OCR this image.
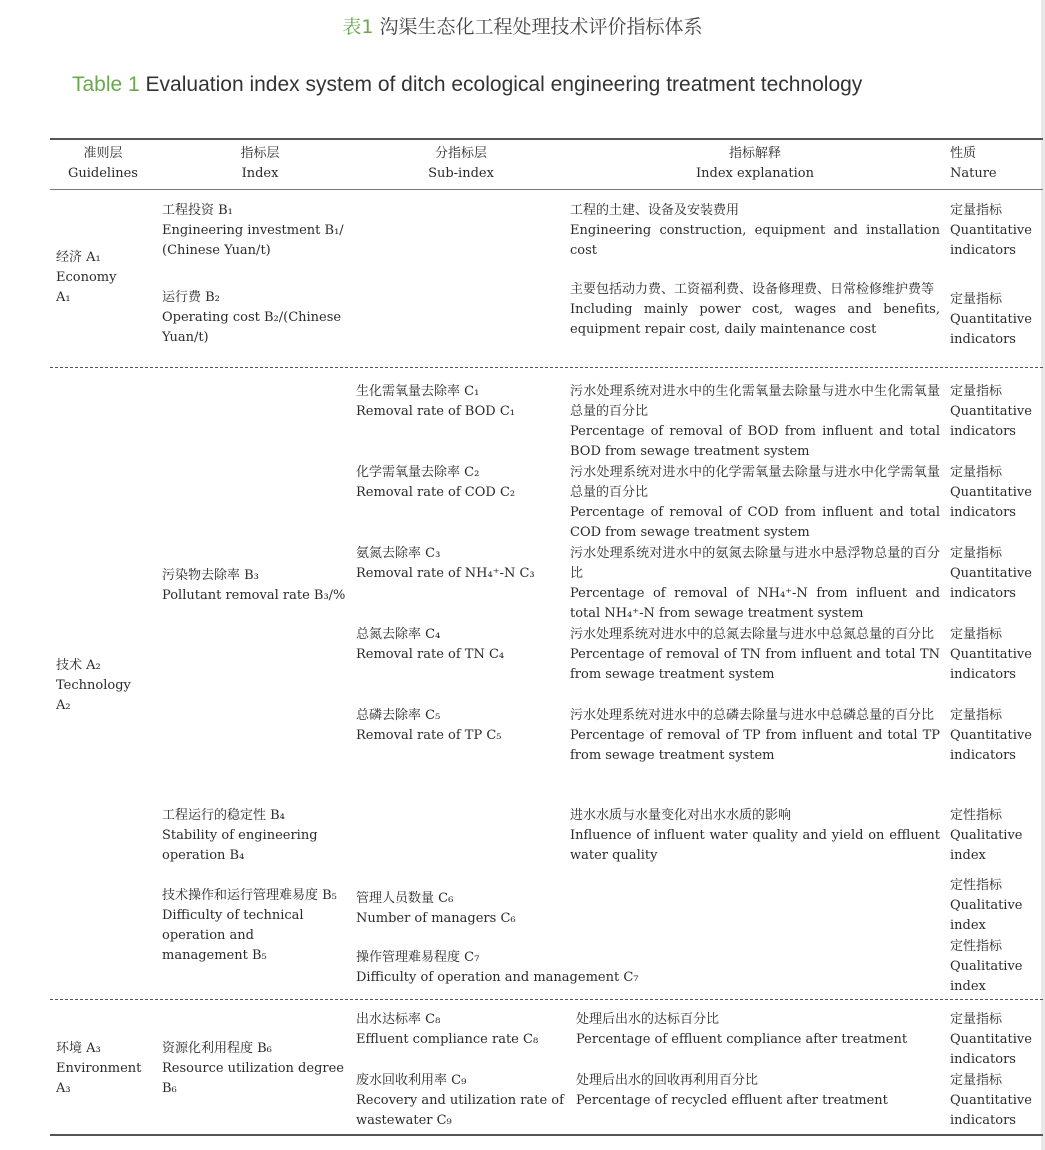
表1 沟渠生态化工程处理技术评价指标体系
Table 1 Evaluation index system of ditch ecological engineering treatment technology
准则层
Guidelines
指标层
Index
分指标层
Sub-index
指标解释
Index explanation
性质
Nature
经济 A₁
Economy
A₁
工程投资 B₁
Engineering investment B₁/
(Chinese Yuan/t)
工程的土建、设备及安装费用
Engineering construction, equipment and installation cost
定量指标
Quantitative
indicators
运行费 B₂
Operating cost B₂/(Chinese
Yuan/t)
主要包括动力费、工资福利费、设备修理费、日常检修维护费等
Including mainly power cost, wages and benefits, equipment repair cost, daily maintenance cost
定量指标
Quantitative
indicators
技术 A₂
Technology
A₂
污染物去除率 B₃
Pollutant removal rate B₃/%
生化需氧量去除率 C₁
Removal rate of BOD C₁
污水处理系统对进水中的生化需氧量去除量与进水中生化需氧量总量的百分比
Percentage of removal of BOD from influent and total BOD from sewage treatment system
定量指标
Quantitative
indicators
化学需氧量去除率 C₂
Removal rate of COD C₂
污水处理系统对进水中的化学需氧量去除量与进水中化学需氧量总量的百分比
Percentage of removal of COD from influent and total COD from sewage treatment system
定量指标
Quantitative
indicators
氨氮去除率 C₃
Removal rate of NH₄⁺-N C₃
污水处理系统对进水中的氨氮去除量与进水中悬浮物总量的百分比
Percentage of removal of NH₄⁺-N from influent and total NH₄⁺-N from sewage treatment system
定量指标
Quantitative
indicators
总氮去除率 C₄
Removal rate of TN C₄
污水处理系统对进水中的总氮去除量与进水中总氮总量的百分比
Percentage of removal of TN from influent and total TN from sewage treatment system
定量指标
Quantitative
indicators
总磷去除率 C₅
Removal rate of TP C₅
污水处理系统对进水中的总磷去除量与进水中总磷总量的百分比
Percentage of removal of TP from influent and total TP from sewage treatment system
定量指标
Quantitative
indicators
工程运行的稳定性 B₄
Stability of engineering
operation B₄
进水水质与水量变化对出水水质的影响
Influence of influent water quality and yield on effluent water quality
定性指标
Qualitative
index
技术操作和运行管理难易度 B₅
Difficulty of technical operation and management B₅
管理人员数量 C₆
Number of managers C₆
定性指标
Qualitative
index
操作管理难易程度 C₇
Difficulty of operation and management C₇
定性指标
Qualitative
index
环境 A₃
Environment
A₃
资源化利用程度 B₆
Resource utilization degree
B₆
出水达标率 C₈
Effluent compliance rate C₈
处理后出水的达标百分比
Percentage of effluent compliance after treatment
定量指标
Quantitative
indicators
废水回收利用率 C₉
Recovery and utilization rate of wastewater C₉
处理后出水的回收再利用百分比
Percentage of recycled effluent after treatment
定量指标
Quantitative
indicators
